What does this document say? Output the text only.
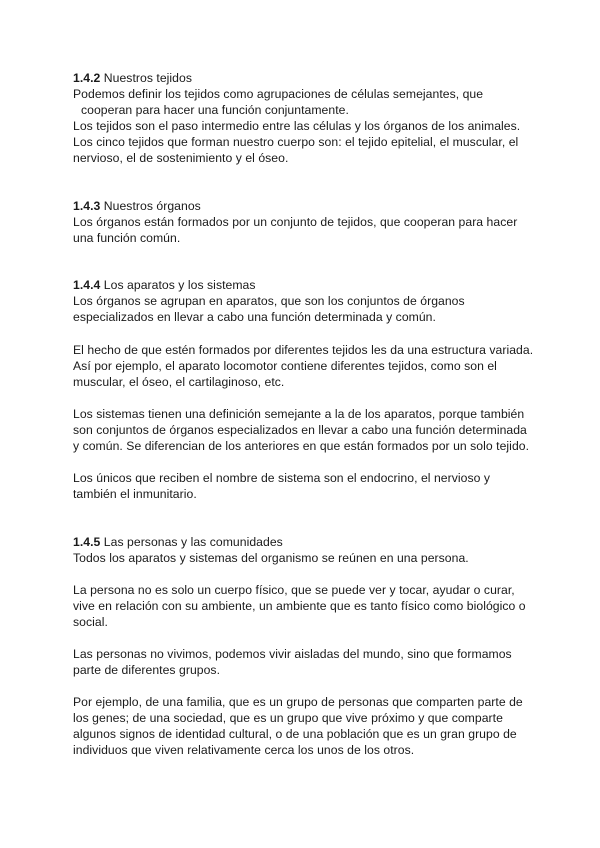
1.4.2 Nuestros tejidos
Podemos definir los tejidos como agrupaciones de células semejantes, que
cooperan para hacer una función conjuntamente.
Los tejidos son el paso intermedio entre las células y los órganos de los animales.
Los cinco tejidos que forman nuestro cuerpo son: el tejido epitelial, el muscular, el
nervioso, el de sostenimiento y el óseo.
1.4.3 Nuestros órganos
Los órganos están formados por un conjunto de tejidos, que cooperan para hacer
una función común.
1.4.4 Los aparatos y los sistemas
Los órganos se agrupan en aparatos, que son los conjuntos de órganos
especializados en llevar a cabo una función determinada y común.
El hecho de que estén formados por diferentes tejidos les da una estructura variada.
Así por ejemplo, el aparato locomotor contiene diferentes tejidos, como son el
muscular, el óseo, el cartilaginoso, etc.
Los sistemas tienen una definición semejante a la de los aparatos, porque también
son conjuntos de órganos especializados en llevar a cabo una función determinada
y común. Se diferencian de los anteriores en que están formados por un solo tejido.
Los únicos que reciben el nombre de sistema son el endocrino, el nervioso y
también el inmunitario.
1.4.5 Las personas y las comunidades
Todos los aparatos y sistemas del organismo se reúnen en una persona.
La persona no es solo un cuerpo físico, que se puede ver y tocar, ayudar o curar,
vive en relación con su ambiente, un ambiente que es tanto físico como biológico o
social.
Las personas no vivimos, podemos vivir aisladas del mundo, sino que formamos
parte de diferentes grupos.
Por ejemplo, de una familia, que es un grupo de personas que comparten parte de
los genes; de una sociedad, que es un grupo que vive próximo y que comparte
algunos signos de identidad cultural, o de una población que es un gran grupo de
individuos que viven relativamente cerca los unos de los otros.
